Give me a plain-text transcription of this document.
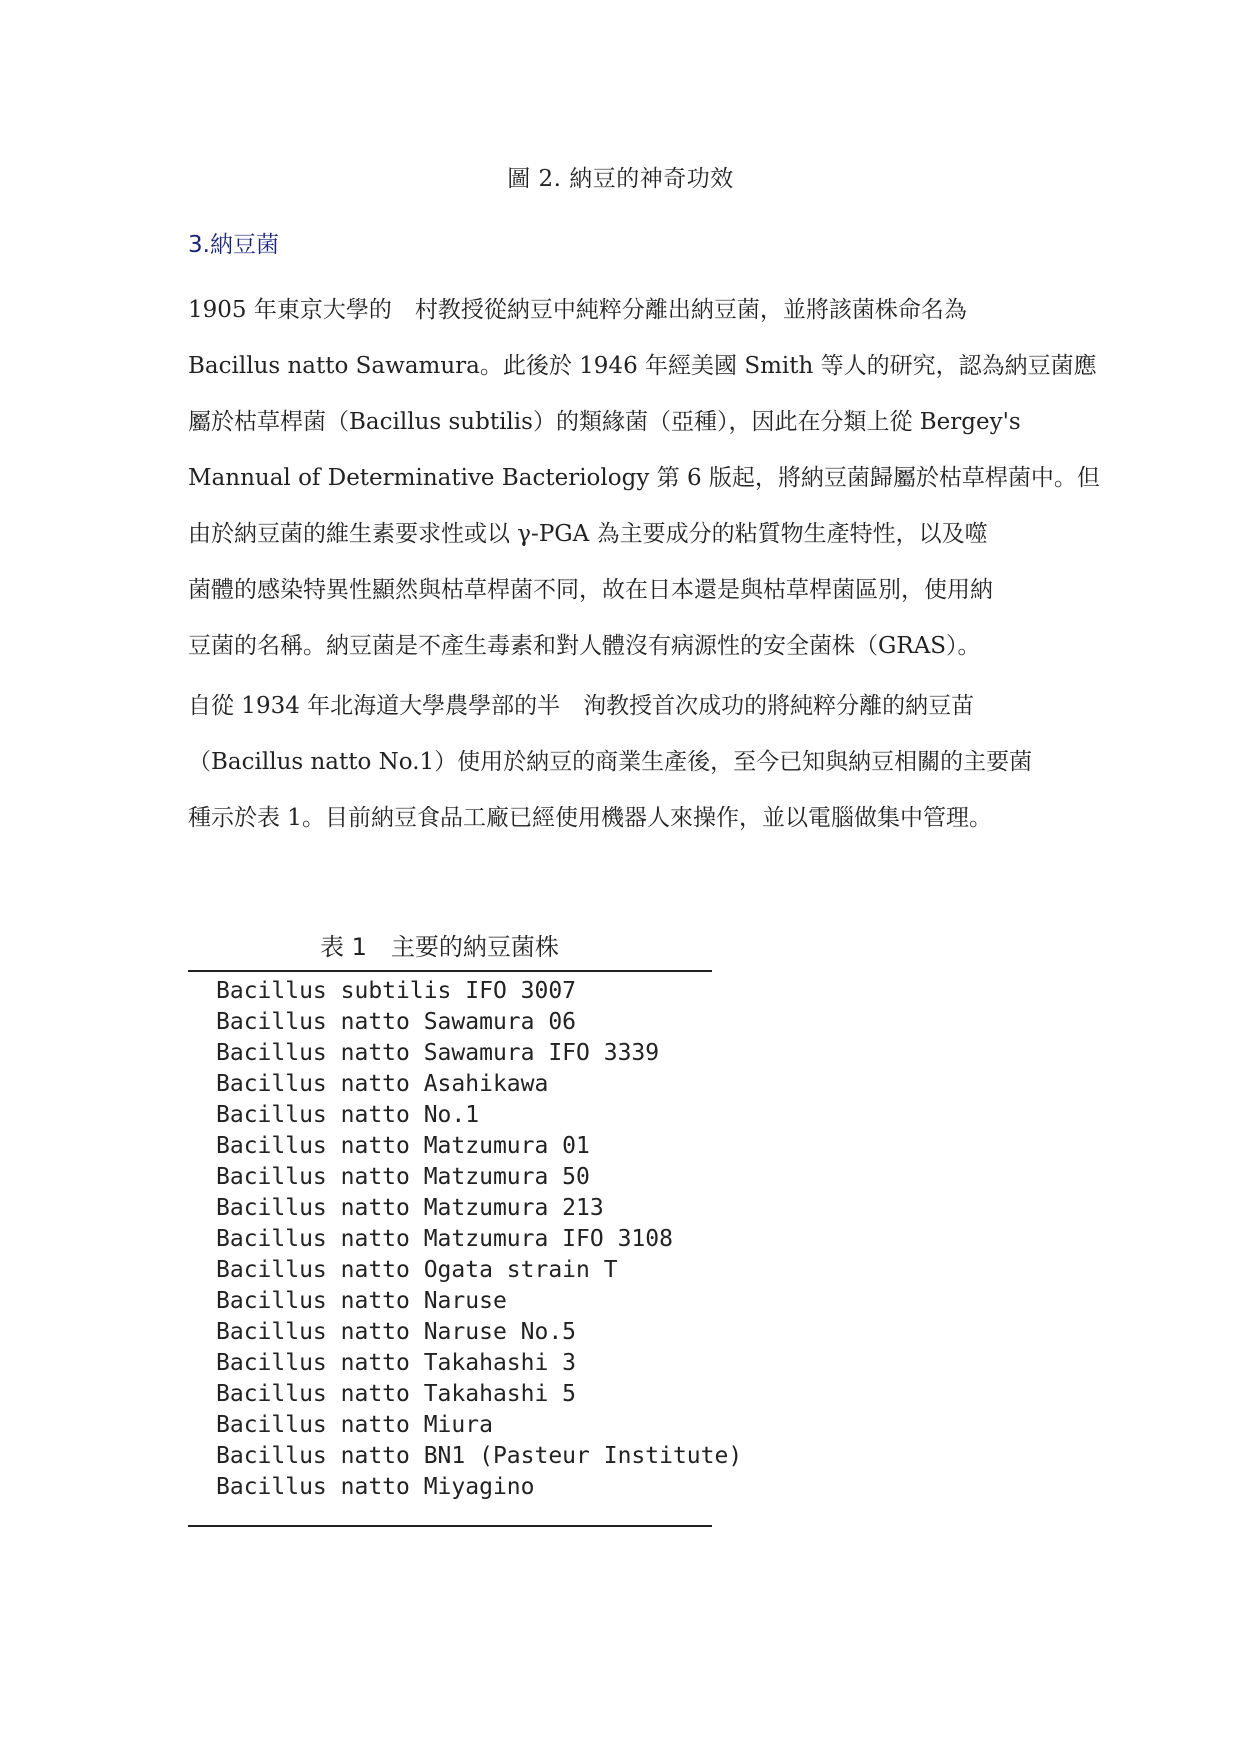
圖 2. 納豆的神奇功效
3.納豆菌
1905 年東京大學的　村教授從納豆中純粹分離出納豆菌，並將該菌株命名為
Bacillus natto Sawamura。此後於 1946 年經美國 Smith 等人的研究，認為納豆菌應
屬於枯草桿菌（Bacillus subtilis）的類緣菌（亞種），因此在分類上從 Bergey's
Mannual of Determinative Bacteriology 第 6 版起，將納豆菌歸屬於枯草桿菌中。但
由於納豆菌的維生素要求性或以 γ-PGA 為主要成分的粘質物生產特性，以及噬
菌體的感染特異性顯然與枯草桿菌不同，故在日本還是與枯草桿菌區別，使用納
豆菌的名稱。納豆菌是不產生毒素和對人體沒有病源性的安全菌株（GRAS）。
自從 1934 年北海道大學農學部的半　洵教授首次成功的將純粹分離的納豆苗
（Bacillus natto No.1）使用於納豆的商業生產後，至今已知與納豆相關的主要菌
種示於表 1。目前納豆食品工廠已經使用機器人來操作，並以電腦做集中管理。
表 1　主要的納豆菌株
Bacillus subtilis IFO 3007
Bacillus natto Sawamura 06
Bacillus natto Sawamura IFO 3339
Bacillus natto Asahikawa
Bacillus natto No.1
Bacillus natto Matzumura 01
Bacillus natto Matzumura 50
Bacillus natto Matzumura 213
Bacillus natto Matzumura IFO 3108
Bacillus natto Ogata strain T
Bacillus natto Naruse
Bacillus natto Naruse No.5
Bacillus natto Takahashi 3
Bacillus natto Takahashi 5
Bacillus natto Miura
Bacillus natto BN1 (Pasteur Institute)
Bacillus natto Miyagino
